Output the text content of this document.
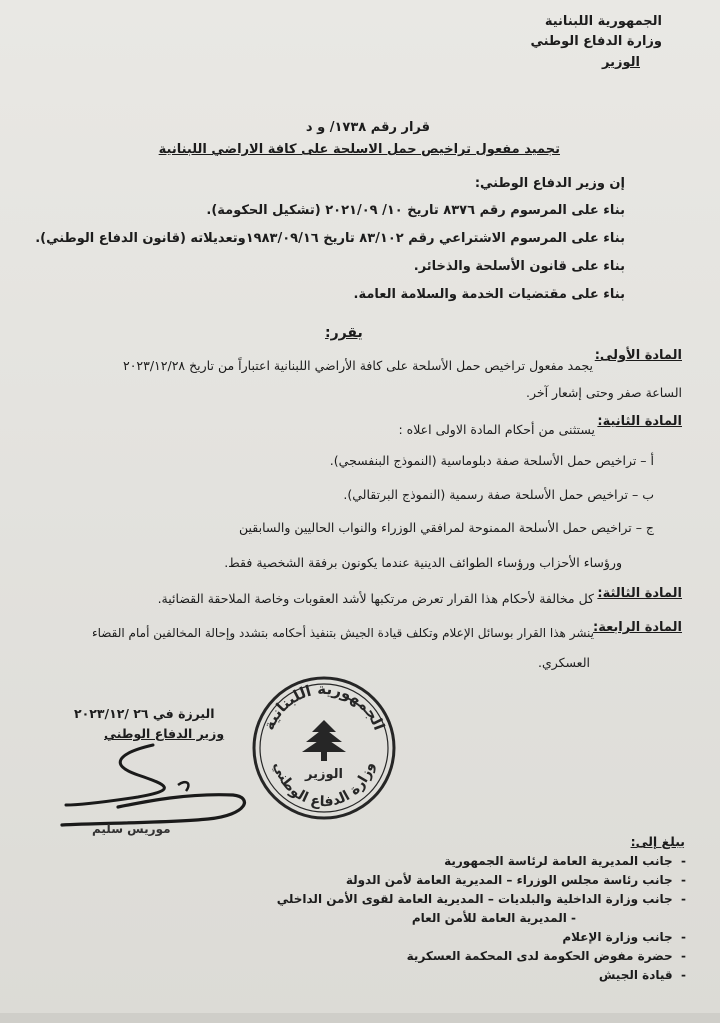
الجمهورية اللبنانية
وزارة الدفاع الوطني
الوزير
قرار رقم ١٧٣٨/ و د
تجميد مفعول تراخيص حمل الاسلحة على كافة الاراضي اللبنانية
إن وزير الدفاع الوطني:
بناء على المرسوم رقم ٨٣٧٦ تاريخ ١٠/ ٢٠٢١/٠٩ (تشكيل الحكومة).
بناء على المرسوم الاشتراعي رقم ٨٣/١٠٢ تاريخ ١٩٨٣/٠٩/١٦وتعديلاته (قانون الدفاع الوطني).
بناء على قانون الأسلحة والذخائر.
بناء على مقتضيات الخدمة والسلامة العامة.
يقرر:
المادة الأولى:
يجمد مفعول تراخيص حمل الأسلحة على كافة الأراضي اللبنانية اعتباراً من تاريخ ٢٠٢٣/١٢/٢٨
الساعة صفر وحتى إشعار آخر.
المادة الثانية:
يستثنى من أحكام المادة الاولى اعلاه :
أ – تراخيص حمل الأسلحة صفة دبلوماسية (النموذج البنفسجي).
ب – تراخيص حمل الأسلحة صفة رسمية (النموذج البرتقالي).
ج – تراخيص حمل الأسلحة الممنوحة لمرافقي الوزراء والنواب الحاليين والسابقين
ورؤساء الأحزاب ورؤساء الطوائف الدينية عندما يكونون برفقة الشخصية فقط.
المادة الثالثة:
كل مخالفة لأحكام هذا القرار تعرض مرتكبها لأشد العقوبات وخاصة الملاحقة القضائية.
المادة الرابعة:
ينشر هذا القرار بوسائل الإعلام وتكلف قيادة الجيش بتنفيذ أحكامه بتشدد وإحالة المخالفين أمام القضاء
العسكري.
اليرزة في ٢٦ /٢٠٢٣/١٢
وزير الدفاع الوطني
موريس سليم
الجمهورية اللبنانية
وزارة الدفاع الوطني
الوزير
يبلغ إلى:
-  جانب المديرية العامة لرئاسة الجمهورية
-  جانب رئاسة مجلس الوزراء – المديرية العامة لأمن الدولة
-  جانب وزارة الداخلية والبلديات – المديرية العامة لقوى الأمن الداخلي
- المديرية العامة للأمن العام
-  جانب وزارة الإعلام
-  حضرة مفوض الحكومة لدى المحكمة العسكرية
-  قيادة الجيش
